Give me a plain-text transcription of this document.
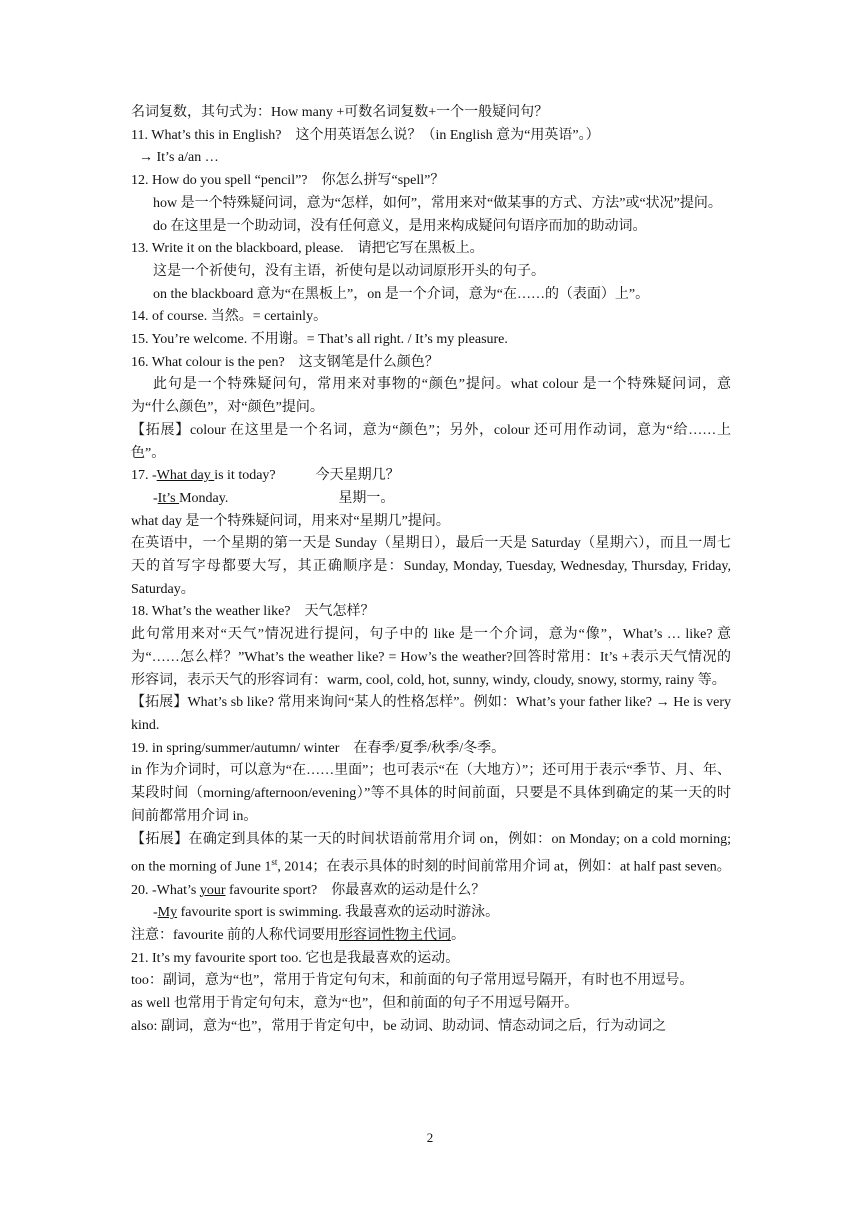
名词复数，其句式为：How many +可数名词复数+一个一般疑问句？
11. What’s this in English?　这个用英语怎么说？（in English 意为“用英语”。）
→ It’s a/an …
12. How do you spell “pencil”?　你怎么拼写“spell”？
how 是一个特殊疑问词，意为“怎样，如何”，常用来对“做某事的方式、方法”或“状况”提问。
do 在这里是一个助动词，没有任何意义，是用来构成疑问句语序而加的助动词。
13. Write it on the blackboard, please.　请把它写在黑板上。
这是一个祈使句，没有主语，祈使句是以动词原形开头的句子。
on the blackboard 意为“在黑板上”，on 是一个介词，意为“在……的（表面）上”。
14. of course. 当然。= certainly。
15. You’re welcome. 不用谢。= That’s all right. / It’s my pleasure.
16. What colour is the pen?　这支钢笔是什么颜色？
此句是一个特殊疑问句，常用来对事物的“颜色”提问。what colour 是一个特殊疑问词，意为“什么颜色”，对“颜色”提问。
【拓展】colour 在这里是一个名词，意为“颜色”；另外，colour 还可用作动词，意为“给……上色”。
17. -What day is it today?	今天星期几？
-It’s Monday.	星期一。
what day 是一个特殊疑问词，用来对“星期几”提问。
在英语中，一个星期的第一天是 Sunday（星期日），最后一天是 Saturday（星期六），而且一周七天的首写字母都要大写，其正确顺序是：Sunday, Monday, Tuesday, Wednesday, Thursday, Friday, Saturday。
18. What’s the weather like?　天气怎样？
此句常用来对“天气”情况进行提问，句子中的 like 是一个介词，意为“像”，What’s … like? 意为“……怎么样？”What’s the weather like? = How’s the weather?回答时常用：It’s +表示天气情况的形容词，表示天气的形容词有：warm, cool, cold, hot, sunny, windy, cloudy, snowy, stormy, rainy 等。
【拓展】What’s sb like? 常用来询问“某人的性格怎样”。例如：What’s your father like? → He is very kind.
19. in spring/summer/autumn/ winter　在春季/夏季/秋季/冬季。
in 作为介词时，可以意为“在……里面”；也可表示“在（大地方）”；还可用于表示“季节、月、年、某段时间（morning/afternoon/evening）”等不具体的时间前面，只要是不具体到确定的某一天的时间前都常用介词 in。
【拓展】在确定到具体的某一天的时间状语前常用介词 on，例如：on Monday; on a cold morning; on the morning of June 1st, 2014；在表示具体的时刻的时间前常用介词 at，例如：at half past seven。
20. -What’s your favourite sport?　你最喜欢的运动是什么？
-My favourite sport is swimming. 我最喜欢的运动时游泳。
注意：favourite 前的人称代词要用形容词性物主代词。
21. It’s my favourite sport too. 它也是我最喜欢的运动。
too：副词，意为“也”，常用于肯定句句末，和前面的句子常用逗号隔开，有时也不用逗号。
as well 也常用于肯定句句末，意为“也”，但和前面的句子不用逗号隔开。
also: 副词，意为“也”，常用于肯定句中，be 动词、助动词、情态动词之后，行为动词之
2
